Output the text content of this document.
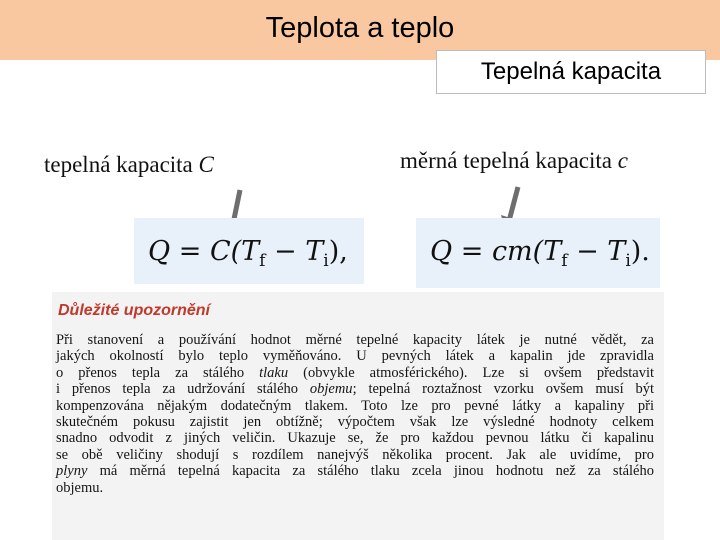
Teplota a teplo
Tepelná kapacita
tepelná kapacita C	měrná tepelná kapacita c
$Q = C(T_f - T_i)$,	$Q = cm(T_f - T_i)$.
Důležité upozornění
Při stanovení a používání hodnot měrné tepelné kapacity látek je nutné vědět, za
jakých okolností bylo teplo vyměňováno. U pevných látek a kapalin jde zpravidla
o přenos tepla za stálého tlaku (obvykle atmosférického). Lze si ovšem představit
i přenos tepla za udržování stálého objemu; tepelná roztažnost vzorku ovšem musí být
kompenzována nějakým dodatečným tlakem. Toto lze pro pevné látky a kapaliny při
skutečném pokusu zajistit jen obtížně; výpočtem však lze výsledné hodnoty celkem
snadno odvodit z jiných veličin. Ukazuje se, že pro každou pevnou látku či kapalinu
se obě veličiny shodují s rozdílem nanejvýš několika procent. Jak ale uvidíme, pro
plyny má měrná tepelná kapacita za stálého tlaku zcela jinou hodnotu než za stálého
objemu.
